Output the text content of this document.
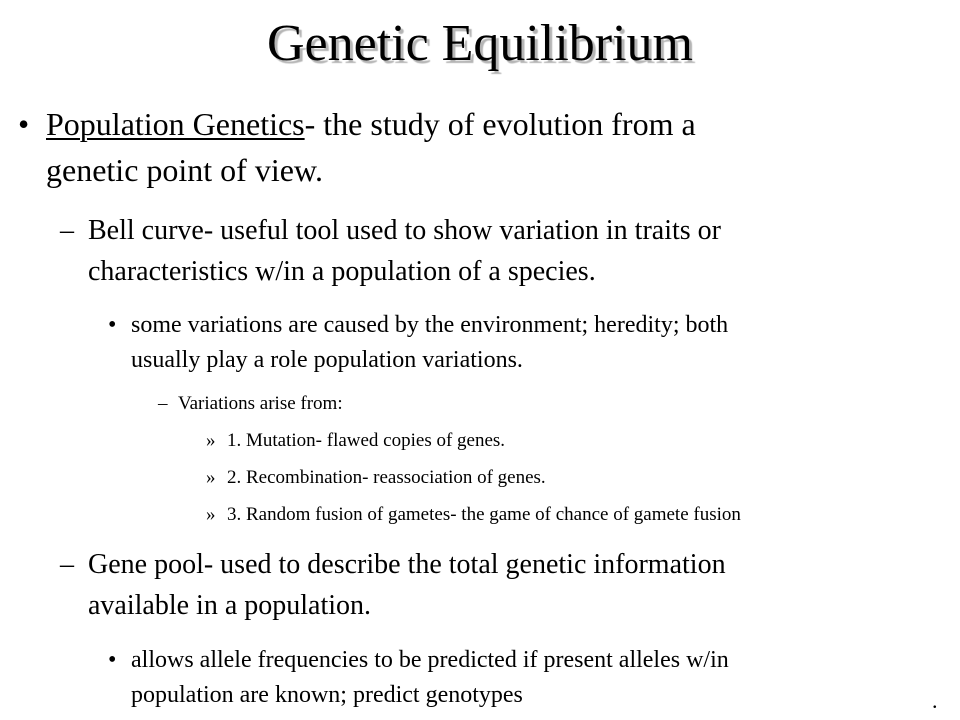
Genetic Equilibrium
• Population Genetics- the study of evolution from a
genetic point of view.
– Bell curve- useful tool used to show variation in traits or
characteristics w/in a population of a species.
• some variations are caused by the environment; heredity; both
usually play a role population variations.
– Variations arise from:
» 1. Mutation- flawed copies of genes.
» 2. Recombination- reassociation of genes.
» 3. Random fusion of gametes- the game of chance of gamete fusion
– Gene pool- used to describe the total genetic information
available in a population.
• allows allele frequencies to be predicted if present alleles w/in
population are known; predict genotypes	.
